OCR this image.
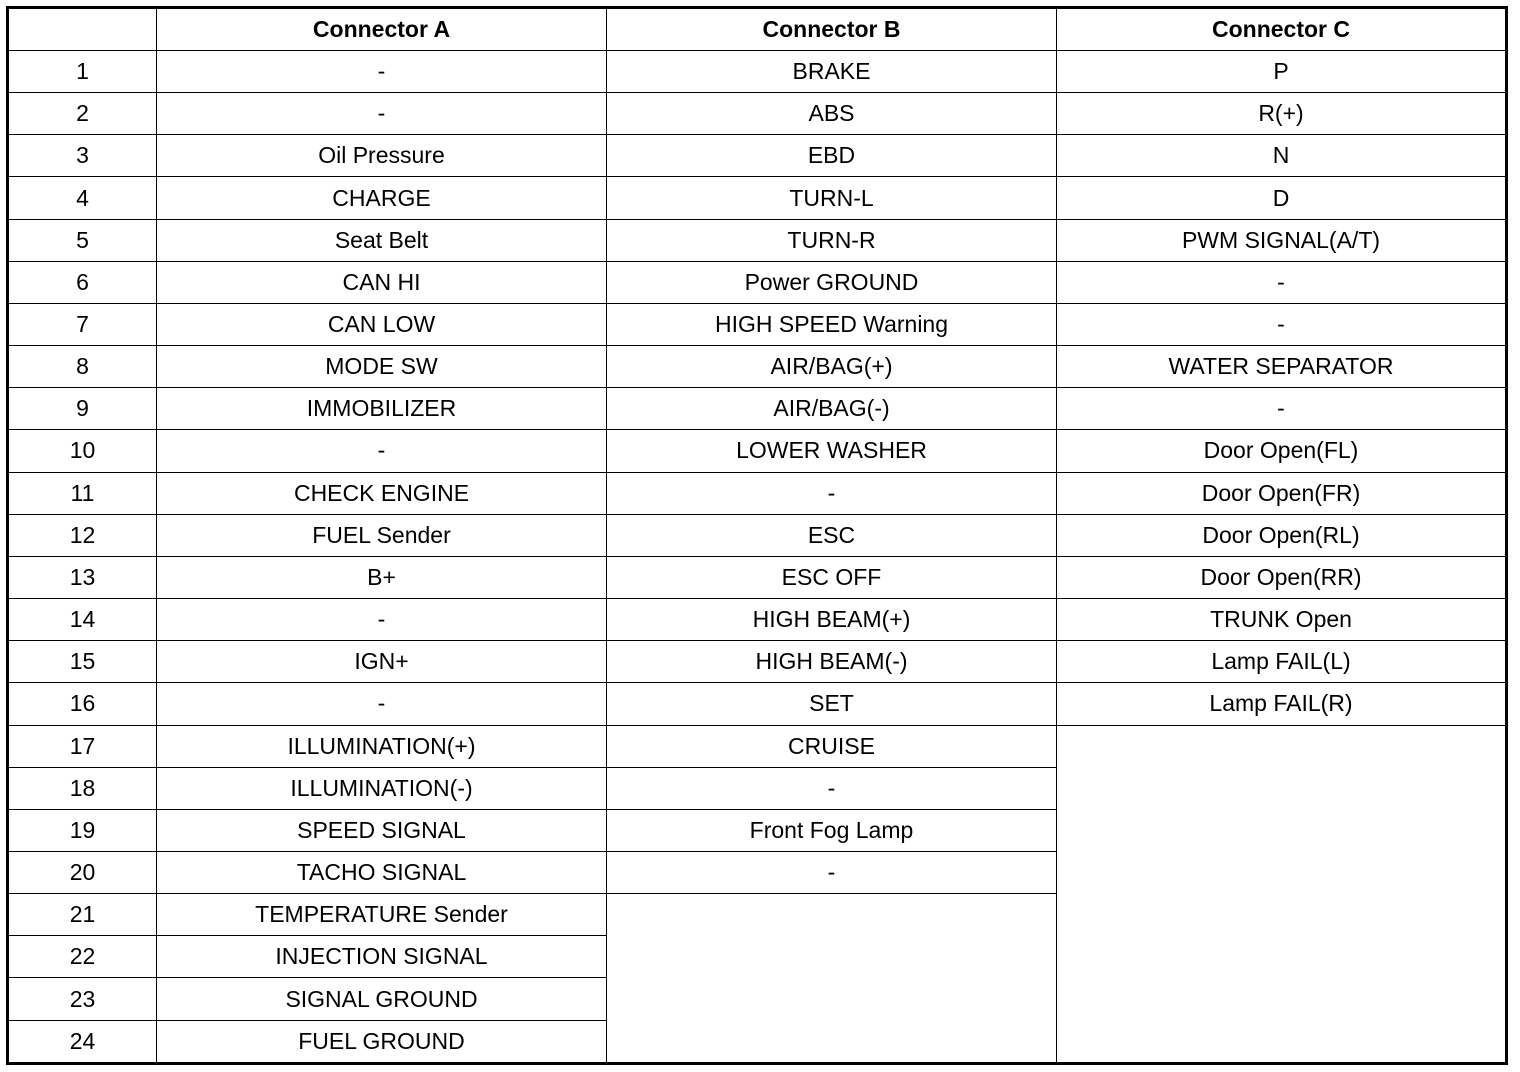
	Connector A	Connector B	Connector C
1	-	BRAKE	P
2	-	ABS	R(+)
3	Oil Pressure	EBD	N
4	CHARGE	TURN-L	D
5	Seat Belt	TURN-R	PWM SIGNAL(A/T)
6	CAN HI	Power GROUND	-
7	CAN LOW	HIGH SPEED Warning	-
8	MODE SW	AIR/BAG(+)	WATER SEPARATOR
9	IMMOBILIZER	AIR/BAG(-)	-
10	-	LOWER WASHER	Door Open(FL)
11	CHECK ENGINE	-	Door Open(FR)
12	FUEL Sender	ESC	Door Open(RL)
13	B+	ESC OFF	Door Open(RR)
14	-	HIGH BEAM(+)	TRUNK Open
15	IGN+	HIGH BEAM(-)	Lamp FAIL(L)
16	-	SET	Lamp FAIL(R)
17	ILLUMINATION(+)	CRUISE	
18	ILLUMINATION(-)	-	
19	SPEED SIGNAL	Front Fog Lamp	
20	TACHO SIGNAL	-	
21	TEMPERATURE Sender		
22	INJECTION SIGNAL		
23	SIGNAL GROUND		
24	FUEL GROUND		
